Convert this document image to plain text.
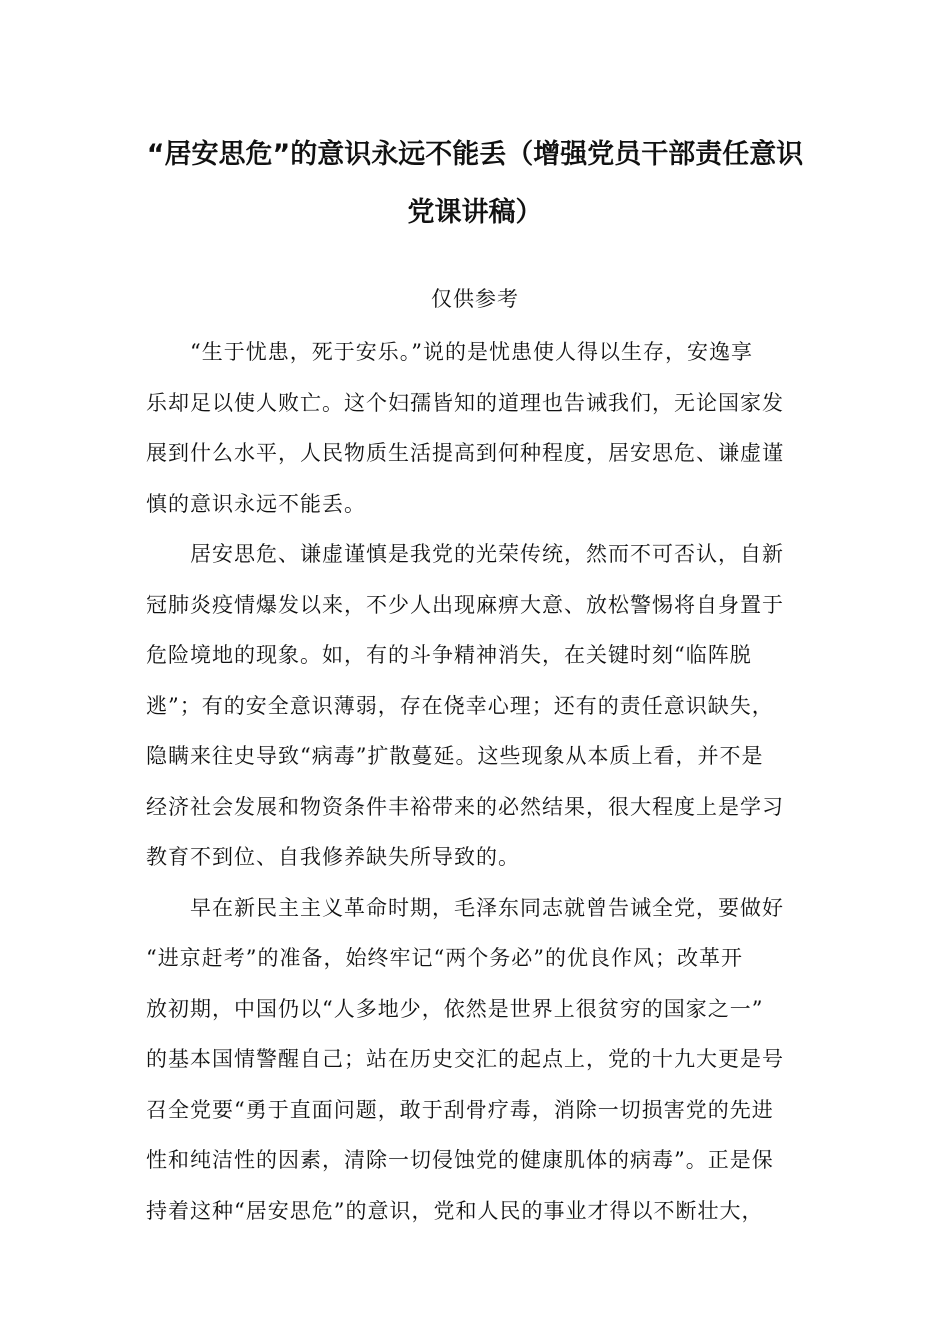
“居安思危”的意识永远不能丢（增强党员干部责任意识
党课讲稿）

仅供参考

“生于忧患，死于安乐。”说的是忧患使人得以生存，安逸享
乐却足以使人败亡。这个妇孺皆知的道理也告诫我们，无论国家发
展到什么水平，人民物质生活提高到何种程度，居安思危、谦虚谨
慎的意识永远不能丢。
居安思危、谦虚谨慎是我党的光荣传统，然而不可否认，自新
冠肺炎疫情爆发以来，不少人出现麻痹大意、放松警惕将自身置于
危险境地的现象。如，有的斗争精神消失，在关键时刻“临阵脱
逃”；有的安全意识薄弱，存在侥幸心理；还有的责任意识缺失，
隐瞒来往史导致“病毒”扩散蔓延。这些现象从本质上看，并不是
经济社会发展和物资条件丰裕带来的必然结果，很大程度上是学习
教育不到位、自我修养缺失所导致的。
早在新民主主义革命时期，毛泽东同志就曾告诫全党，要做好
“进京赶考”的准备，始终牢记“两个务必”的优良作风；改革开
放初期，中国仍以“人多地少，依然是世界上很贫穷的国家之一”
的基本国情警醒自己；站在历史交汇的起点上，党的十九大更是号
召全党要“勇于直面问题，敢于刮骨疗毒，消除一切损害党的先进
性和纯洁性的因素，清除一切侵蚀党的健康肌体的病毒”。正是保
持着这种“居安思危”的意识，党和人民的事业才得以不断壮大，
